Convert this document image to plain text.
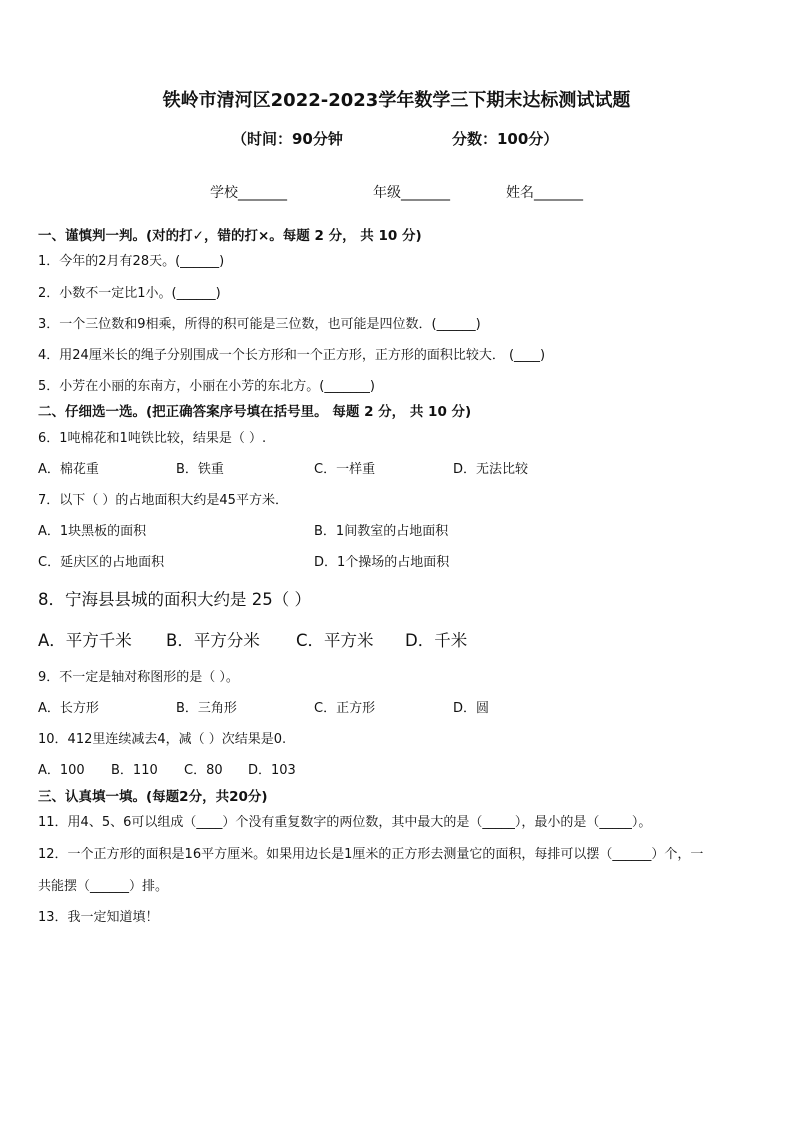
铁岭市清河区2022-2023学年数学三下期末达标测试试题
（时间：90分钟	分数：100分）
学校_______	年级_______	姓名_______
一、谨慎判一判。(对的打✓，错的打×。每题 2 分， 共 10 分)
1．今年的2月有28天。(______)
2．小数不一定比1小。(______)
3．一个三位数和9相乘，所得的积可能是三位数，也可能是四位数．(______)
4．用24厘米长的绳子分别围成一个长方形和一个正方形，正方形的面积比较大． (____)
5．小芳在小丽的东南方，小丽在小芳的东北方。(_______)
二、仔细选一选。(把正确答案序号填在括号里。 每题 2 分， 共 10 分)
6．1吨棉花和1吨铁比较，结果是（ ）.
A．棉花重	B．铁重	C．一样重	D．无法比较
7．以下（ ）的占地面积大约是45平方米．
A．1块黑板的面积	B．1间教室的占地面积
C．延庆区的占地面积	D．1个操场的占地面积
8．宁海县县城的面积大约是 25（ ）
A．平方千米 B．平方分米 C．平方米 D．千米
9．不一定是轴对称图形的是（ ）。
A．长方形	B．三角形	C．正方形	D．圆
10．412里连续减去4，减（ ）次结果是0.
A．100 B．110 C．80 D．103
三、认真填一填。(每题2分，共20分)
11．用4、5、6可以组成（____）个没有重复数字的两位数，其中最大的是（_____），最小的是（_____）。
12．一个正方形的面积是16平方厘米。如果用边长是1厘米的正方形去测量它的面积，每排可以摆（______）个，一
共能摆（______）排。
13．我一定知道填！
